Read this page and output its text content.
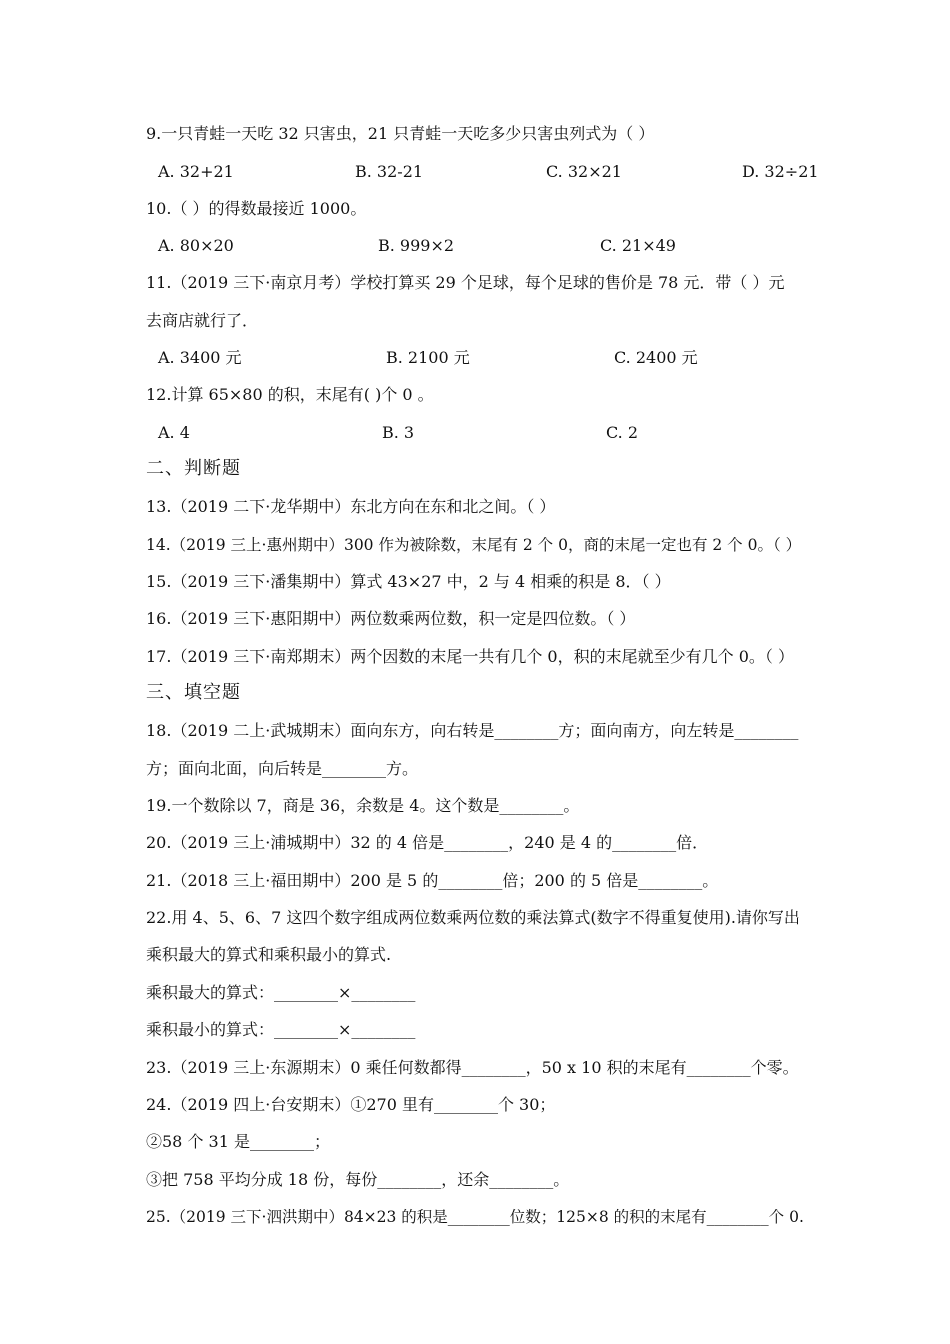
9.一只青蛙一天吃 32 只害虫，21 只青蛙一天吃多少只害虫列式为（ ）
A. 32+21	B. 32-21	C. 32×21	D. 32÷21
10.（ ）的得数最接近 1000。
A. 80×20	B. 999×2	C. 21×49
11.（2019 三下·南京月考）学校打算买 29 个足球，每个足球的售价是 78 元．带（ ）元
去商店就行了．
A. 3400 元	B. 2100 元	C. 2400 元
12.计算 65×80 的积，末尾有( )个 0 。
A. 4	B. 3	C. 2
二、判断题
13.（2019 二下·龙华期中）东北方向在东和北之间。（ ）
14.（2019 三上·惠州期中）300 作为被除数，末尾有 2 个 0，商的末尾一定也有 2 个 0。（ ）
15.（2019 三下·潘集期中）算式 43×27 中，2 与 4 相乘的积是 8．（ ）
16.（2019 三下·惠阳期中）两位数乘两位数，积一定是四位数。（ ）
17.（2019 三下·南郑期末）两个因数的末尾一共有几个 0，积的末尾就至少有几个 0。（ ）
三、填空题
18.（2019 二上·武城期末）面向东方，向右转是________方；面向南方，向左转是________
方；面向北面，向后转是________方。
19.一个数除以 7，商是 36，余数是 4。这个数是________。
20.（2019 三上·浦城期中）32 的 4 倍是________，240 是 4 的________倍．
21.（2018 三上·福田期中）200 是 5 的________倍；200 的 5 倍是________。
22.用 4、5、6、7 这四个数字组成两位数乘两位数的乘法算式(数字不得重复使用).请你写出
乘积最大的算式和乘积最小的算式.
乘积最大的算式：________×________
乘积最小的算式：________×________
23.（2019 三上·东源期末）0 乘任何数都得________，50 x 10 积的末尾有________个零。
24.（2019 四上·台安期末）①270 里有________个 30；
②58 个 31 是________；
③把 758 平均分成 18 份，每份________，还余________。
25.（2019 三下·泗洪期中）84×23 的积是________位数；125×8 的积的末尾有________个 0.
